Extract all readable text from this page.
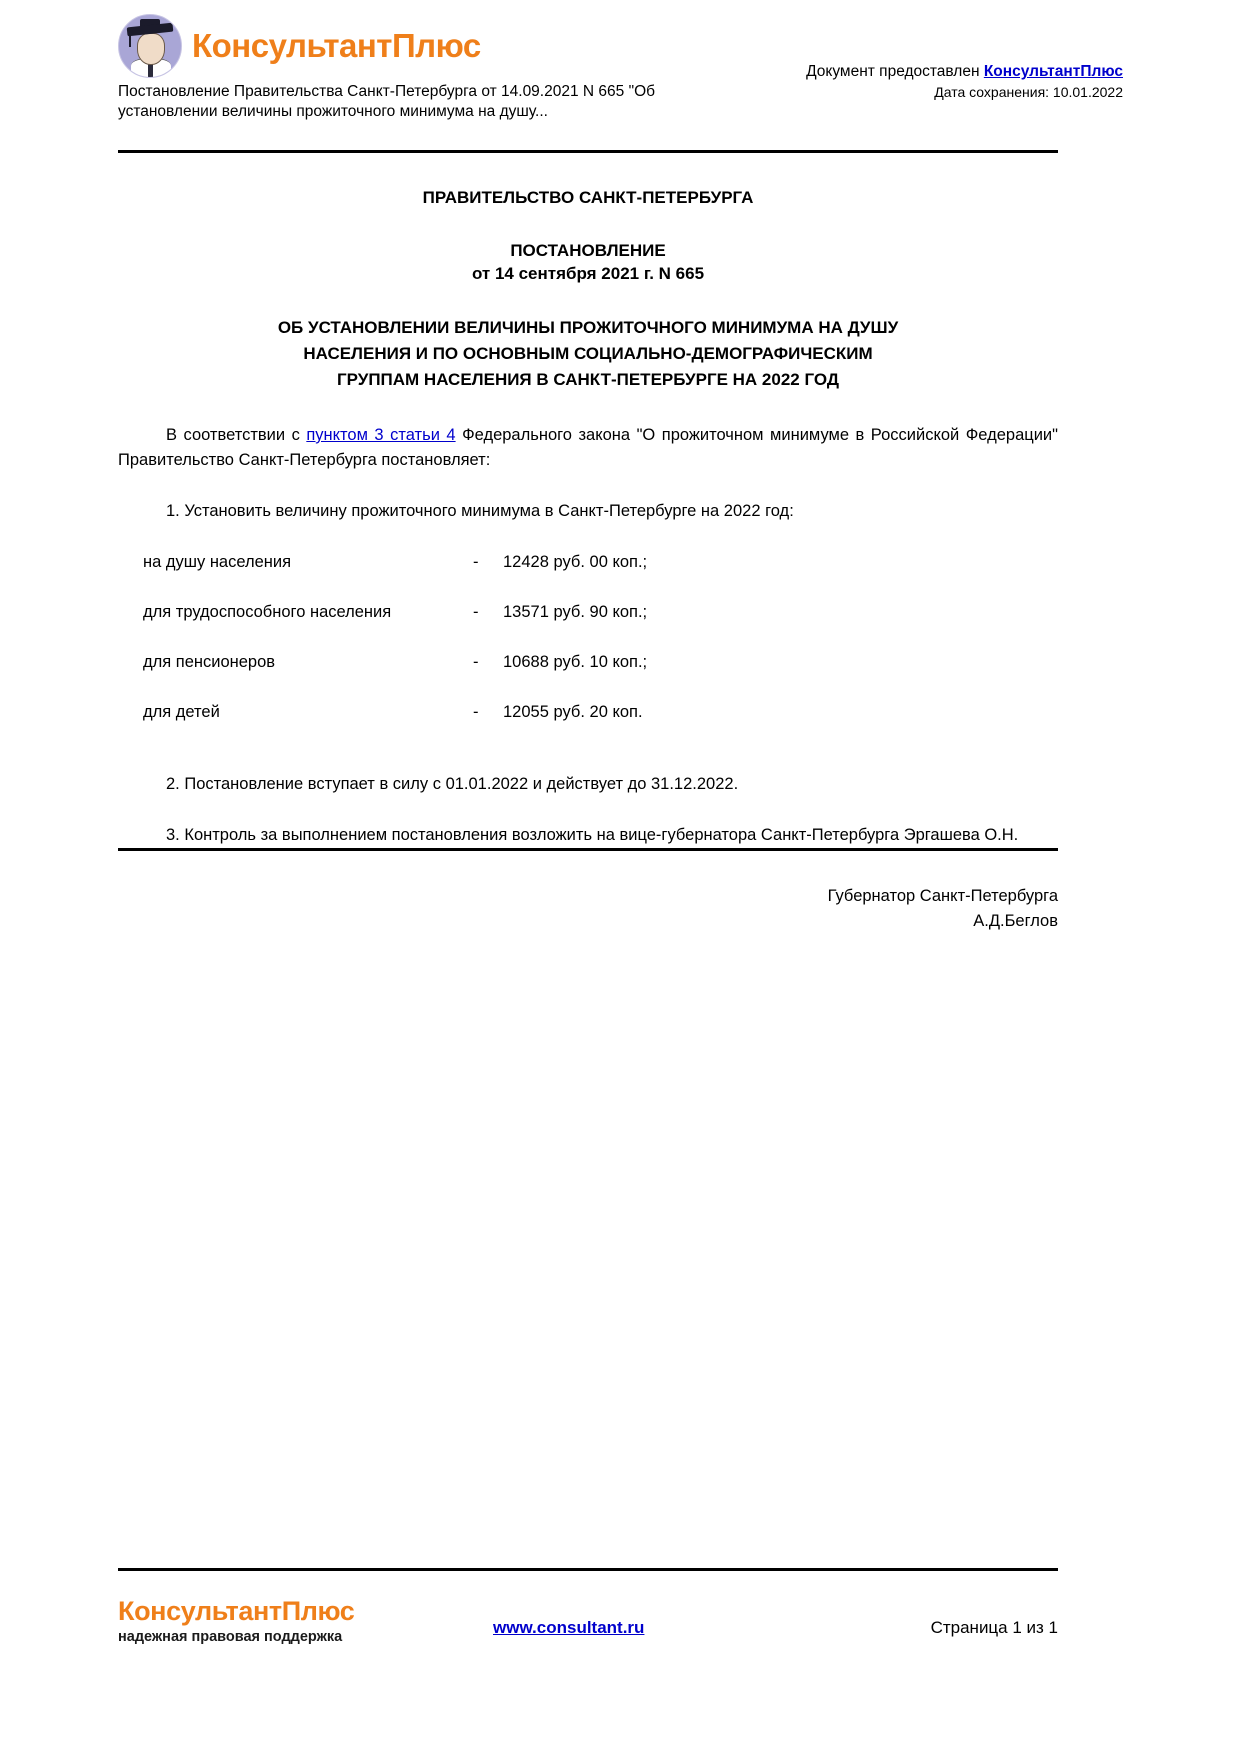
КонсультантПлюс
Постановление Правительства Санкт-Петербурга от 14.09.2021 N 665 "Об установлении величины прожиточного минимума на душу...
Документ предоставлен КонсультантПлюс
Дата сохранения: 10.01.2022
ПРАВИТЕЛЬСТВО САНКТ-ПЕТЕРБУРГА
ПОСТАНОВЛЕНИЕ
от 14 сентября 2021 г. N 665
ОБ УСТАНОВЛЕНИИ ВЕЛИЧИНЫ ПРОЖИТОЧНОГО МИНИМУМА НА ДУШУ
НАСЕЛЕНИЯ И ПО ОСНОВНЫМ СОЦИАЛЬНО-ДЕМОГРАФИЧЕСКИМ
ГРУППАМ НАСЕЛЕНИЯ В САНКТ-ПЕТЕРБУРГЕ НА 2022 ГОД

В соответствии с пунктом 3 статьи 4 Федерального закона "О прожиточном минимуме в Российской Федерации" Правительство Санкт-Петербурга постановляет:

1. Установить величину прожиточного минимума в Санкт-Петербурге на 2022 год:

на душу населения	-	12428 руб. 00 коп.;
для трудоспособного населения	-	13571 руб. 90 коп.;
для пенсионеров	-	10688 руб. 10 коп.;
для детей	-	12055 руб. 20 коп.

2. Постановление вступает в силу с 01.01.2022 и действует до 31.12.2022.

3. Контроль за выполнением постановления возложить на вице-губернатора Санкт-Петербурга Эргашева О.Н.

Губернатор Санкт-Петербурга
А.Д.Беглов
КонсультантПлюс
надежная правовая поддержка	www.consultant.ru	Страница 1 из 1
